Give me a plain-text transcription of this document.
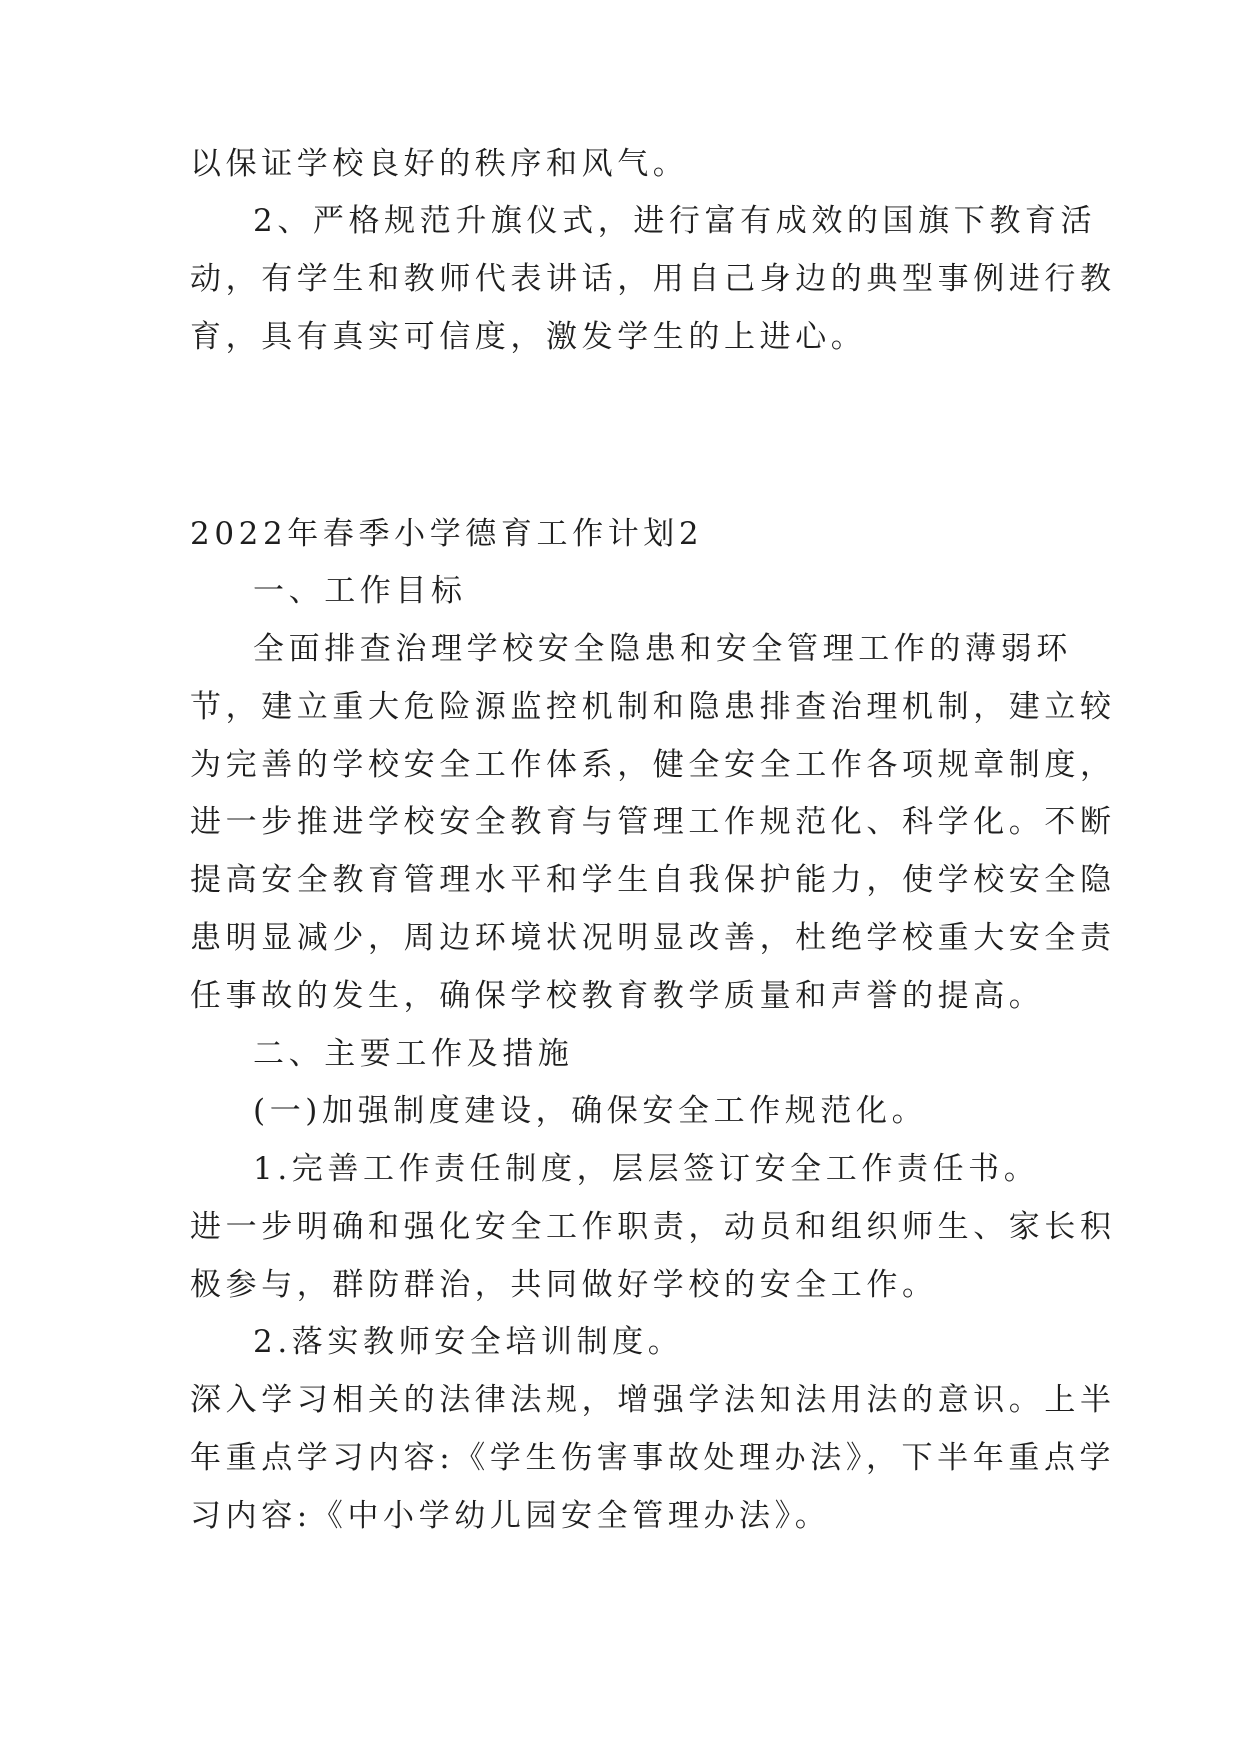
以保证学校良好的秩序和风气。
2、严格规范升旗仪式，进行富有成效的国旗下教育活
动，有学生和教师代表讲话，用自己身边的典型事例进行教
育，具有真实可信度，激发学生的上进心。
2022年春季小学德育工作计划2
一、工作目标
全面排查治理学校安全隐患和安全管理工作的薄弱环
节，建立重大危险源监控机制和隐患排查治理机制，建立较
为完善的学校安全工作体系，健全安全工作各项规章制度，
进一步推进学校安全教育与管理工作规范化、科学化。不断
提高安全教育管理水平和学生自我保护能力，使学校安全隐
患明显减少，周边环境状况明显改善，杜绝学校重大安全责
任事故的发生，确保学校教育教学质量和声誉的提高。
二、主要工作及措施
(一)加强制度建设，确保安全工作规范化。
1.完善工作责任制度，层层签订安全工作责任书。
进一步明确和强化安全工作职责，动员和组织师生、家长积
极参与，群防群治，共同做好学校的安全工作。
2.落实教师安全培训制度。
深入学习相关的法律法规，增强学法知法用法的意识。上半
年重点学习内容:《学生伤害事故处理办法》，下半年重点学
习内容:《中小学幼儿园安全管理办法》。
